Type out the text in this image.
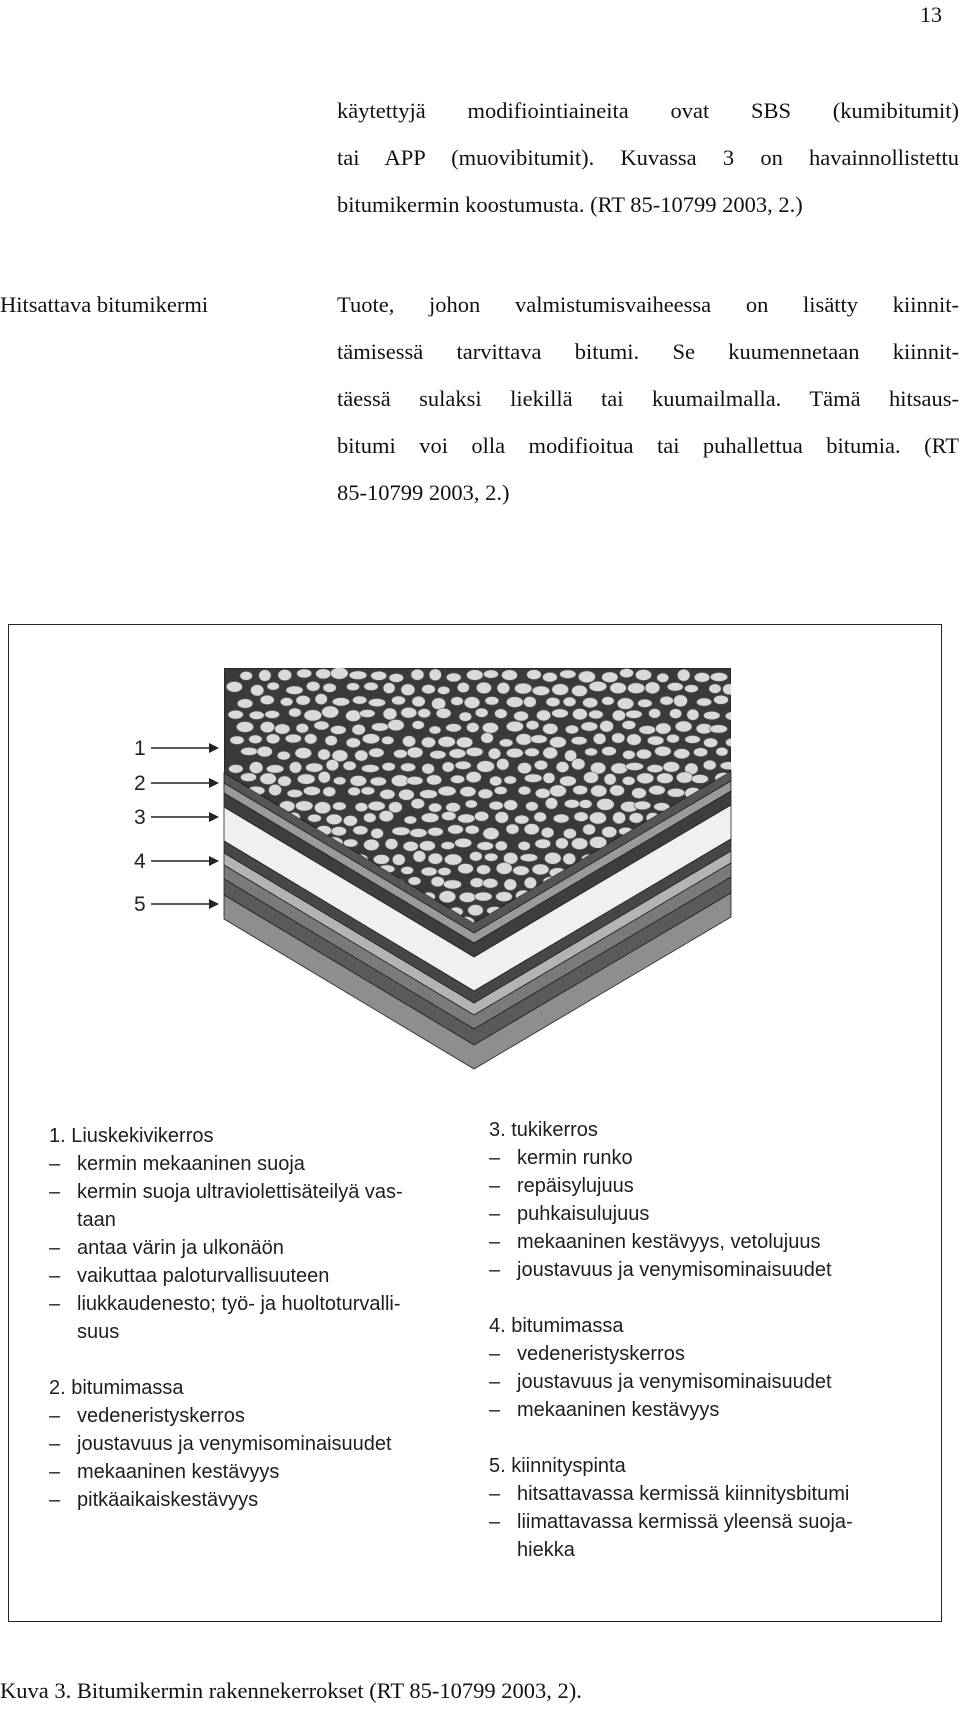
13
käytettyjä modifiointiaineita ovat SBS (kumibitumit)
tai APP (muovibitumit). Kuvassa 3 on havainnollistettu
bitumikermin koostumusta. (RT 85-10799 2003, 2.)
Hitsattava bitumikermi	Tuote, johon valmistumisvaiheessa on lisätty kiinnit-
tämisessä tarvittava bitumi. Se kuumennetaan kiinnit-
täessä sulaksi liekillä tai kuumailmalla. Tämä hitsaus-
bitumi voi olla modifioitua tai puhallettua bitumia. (RT
85-10799 2003, 2.)
1
2
3
4
5
1. Liuskekivikerros
– kermin mekaaninen suoja
– kermin suoja ultraviolettisäteilyä vas-
taan
– antaa värin ja ulkonäön
– vaikuttaa paloturvallisuuteen
– liukkaudenesto; työ- ja huoltoturvalli-
suus
2. bitumimassa
– vedeneristyskerros
– joustavuus ja venymisominaisuudet
– mekaaninen kestävyys
– pitkäaikaiskestävyys
3. tukikerros
– kermin runko
– repäisylujuus
– puhkaisulujuus
– mekaaninen kestävyys, vetolujuus
– joustavuus ja venymisominaisuudet
4. bitumimassa
– vedeneristyskerros
– joustavuus ja venymisominaisuudet
– mekaaninen kestävyys
5. kiinnityspinta
– hitsattavassa kermissä kiinnitysbitumi
– liimattavassa kermissä yleensä suoja-
hiekka
Kuva 3. Bitumikermin rakennekerrokset (RT 85-10799 2003, 2).
